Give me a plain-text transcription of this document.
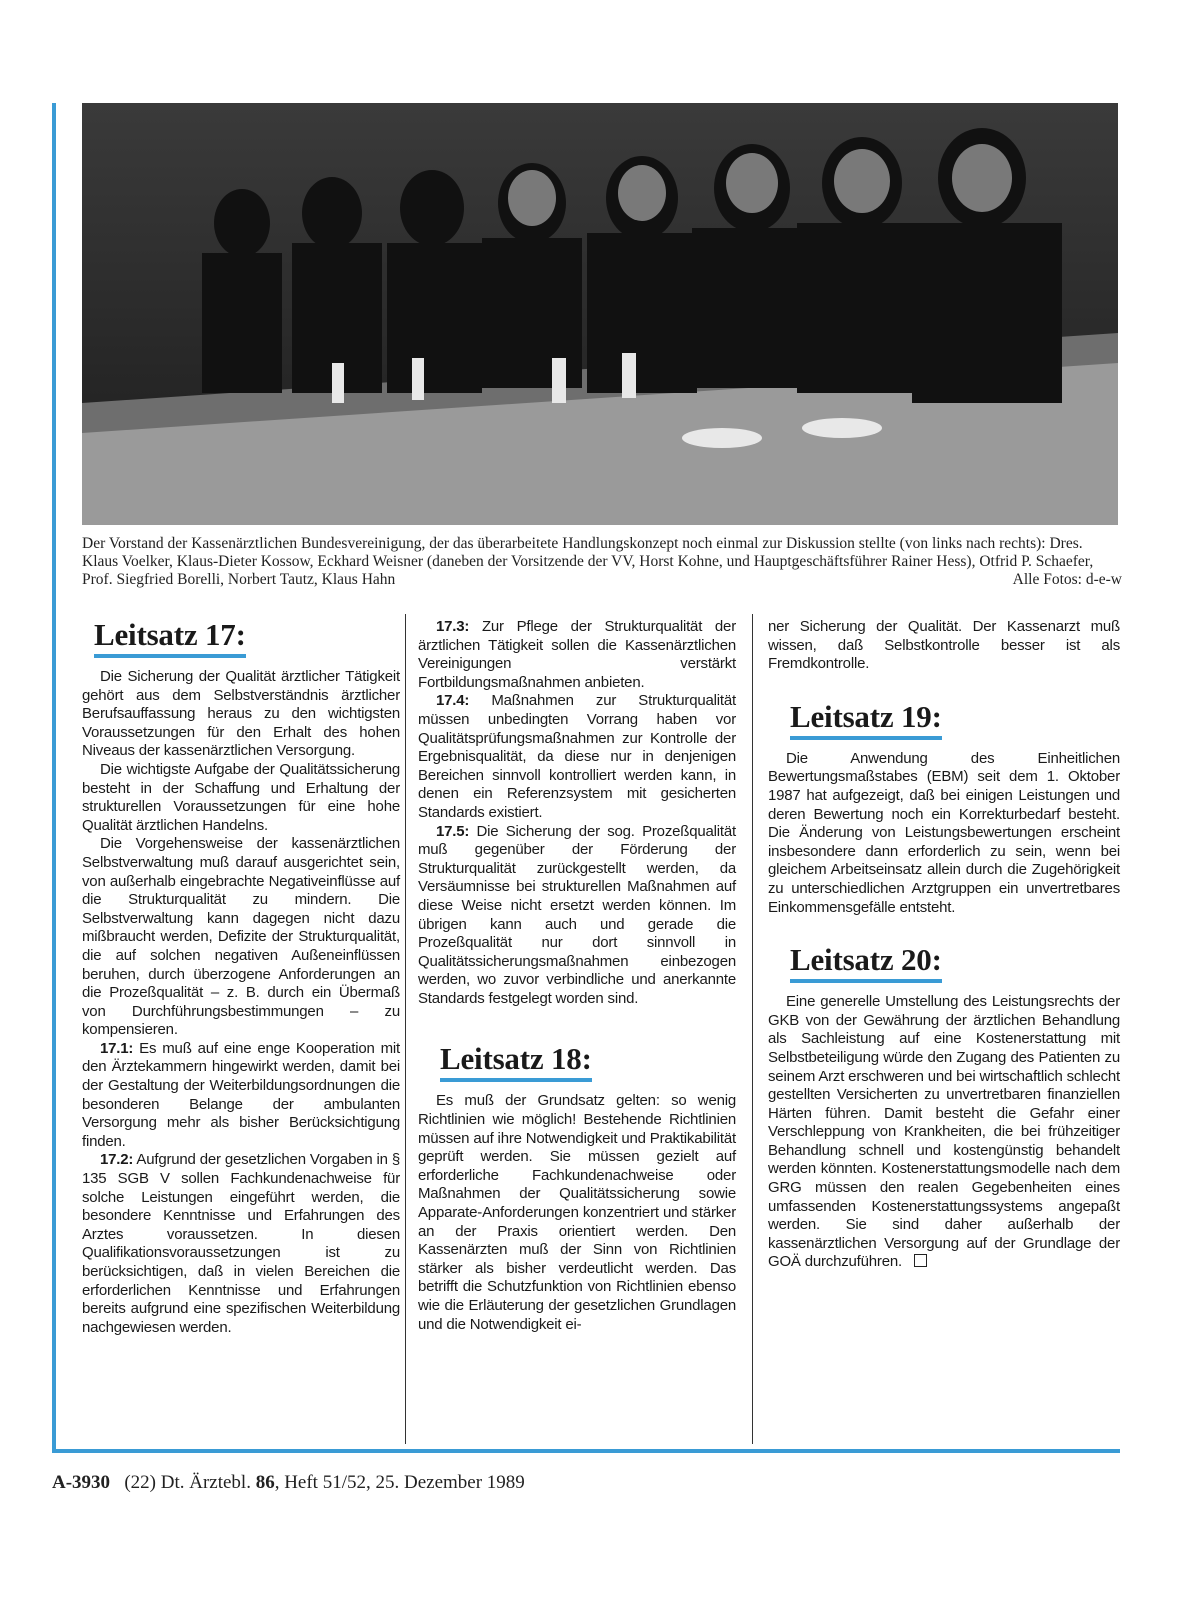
Der Vorstand der Kassenärztlichen Bundesvereinigung, der das überarbeitete Handlungskonzept noch einmal zur Diskussion stellte (von links nach rechts): Dres. Klaus Voelker, Klaus-Dieter Kossow, Eckhard Weisner (daneben der Vorsitzende der VV, Horst Kohne, und Hauptgeschäftsführer Rainer Hess), Otfrid P. Schaefer, Prof. Siegfried Borelli, Norbert Tautz, Klaus Hahn	Alle Fotos: d-e-w
Leitsatz 17:

Die Sicherung der Qualität ärztlicher Tätigkeit gehört aus dem Selbstverständnis ärztlicher Berufsauffassung heraus zu den wichtigsten Voraussetzungen für den Erhalt des hohen Niveaus der kassenärztlichen Versorgung.

Die wichtigste Aufgabe der Qualitätssicherung besteht in der Schaffung und Erhaltung der strukturellen Voraussetzungen für eine hohe Qualität ärztlichen Handelns.

Die Vorgehensweise der kassenärztlichen Selbstverwaltung muß darauf ausgerichtet sein, von außerhalb eingebrachte Negativeinflüsse auf die Strukturqualität zu mindern. Die Selbstverwaltung kann dagegen nicht dazu mißbraucht werden, Defizite der Strukturqualität, die auf solchen negativen Außeneinflüssen beruhen, durch überzogene Anforderungen an die Prozeßqualität – z. B. durch ein Übermaß von Durchführungsbestimmungen – zu kompensieren.

17.1: Es muß auf eine enge Kooperation mit den Ärztekammern hingewirkt werden, damit bei der Gestaltung der Weiterbildungsordnungen die besonderen Belange der ambulanten Versorgung mehr als bisher Berücksichtigung finden.

17.2: Aufgrund der gesetzlichen Vorgaben in § 135 SGB V sollen Fachkundenachweise für solche Leistungen eingeführt werden, die besondere Kenntnisse und Erfahrungen des Arztes voraussetzen. In diesen Qualifikationsvoraussetzungen ist zu berücksichtigen, daß in vielen Bereichen die erforderlichen Kenntnisse und Erfahrungen bereits aufgrund eine spezifischen Weiterbildung nachgewiesen werden.

17.3: Zur Pflege der Strukturqualität der ärztlichen Tätigkeit sollen die Kassenärztlichen Vereinigungen verstärkt Fortbildungsmaßnahmen anbieten.

17.4: Maßnahmen zur Strukturqualität müssen unbedingten Vorrang haben vor Qualitätsprüfungsmaßnahmen zur Kontrolle der Ergebnisqualität, da diese nur in denjenigen Bereichen sinnvoll kontrolliert werden kann, in denen ein Referenzsystem mit gesicherten Standards existiert.

17.5: Die Sicherung der sog. Prozeßqualität muß gegenüber der Förderung der Strukturqualität zurückgestellt werden, da Versäumnisse bei strukturellen Maßnahmen auf diese Weise nicht ersetzt werden können. Im übrigen kann auch und gerade die Prozeßqualität nur dort sinnvoll in Qualitätssicherungsmaßnahmen einbezogen werden, wo zuvor verbindliche und anerkannte Standards festgelegt worden sind.

Leitsatz 18:

Es muß der Grundsatz gelten: so wenig Richtlinien wie möglich! Bestehende Richtlinien müssen auf ihre Notwendigkeit und Praktikabilität geprüft werden. Sie müssen gezielt auf erforderliche Fachkundenachweise oder Maßnahmen der Qualitätssicherung sowie Apparate-Anforderungen konzentriert und stärker an der Praxis orientiert werden. Den Kassenärzten muß der Sinn von Richtlinien stärker als bisher verdeutlicht werden. Das betrifft die Schutzfunktion von Richtlinien ebenso wie die Erläuterung der gesetzlichen Grundlagen und die Notwendigkeit ei-

ner Sicherung der Qualität. Der Kassenarzt muß wissen, daß Selbstkontrolle besser ist als Fremdkontrolle.

Leitsatz 19:

Die Anwendung des Einheitlichen Bewertungsmaßstabes (EBM) seit dem 1. Oktober 1987 hat aufgezeigt, daß bei einigen Leistungen und deren Bewertung noch ein Korrekturbedarf besteht. Die Änderung von Leistungsbewertungen erscheint insbesondere dann erforderlich zu sein, wenn bei gleichem Arbeitseinsatz allein durch die Zugehörigkeit zu unterschiedlichen Arztgruppen ein unvertretbares Einkommensgefälle entsteht.

Leitsatz 20:

Eine generelle Umstellung des Leistungsrechts der GKB von der Gewährung der ärztlichen Behandlung als Sachleistung auf eine Kostenerstattung mit Selbstbeteiligung würde den Zugang des Patienten zu seinem Arzt erschweren und bei wirtschaftlich schlecht gestellten Versicherten zu unvertretbaren finanziellen Härten führen. Damit besteht die Gefahr einer Verschleppung von Krankheiten, die bei frühzeitiger Behandlung schnell und kostengünstig behandelt werden könnten. Kostenerstattungsmodelle nach dem GRG müssen den realen Gegebenheiten eines umfassenden Kostenerstattungssystems angepaßt werden. Sie sind daher außerhalb der kassenärztlichen Versorgung auf der Grundlage der GOÄ durchzuführen.

A-3930 (22) Dt. Ärztebl. 86, Heft 51/52, 25. Dezember 1989
